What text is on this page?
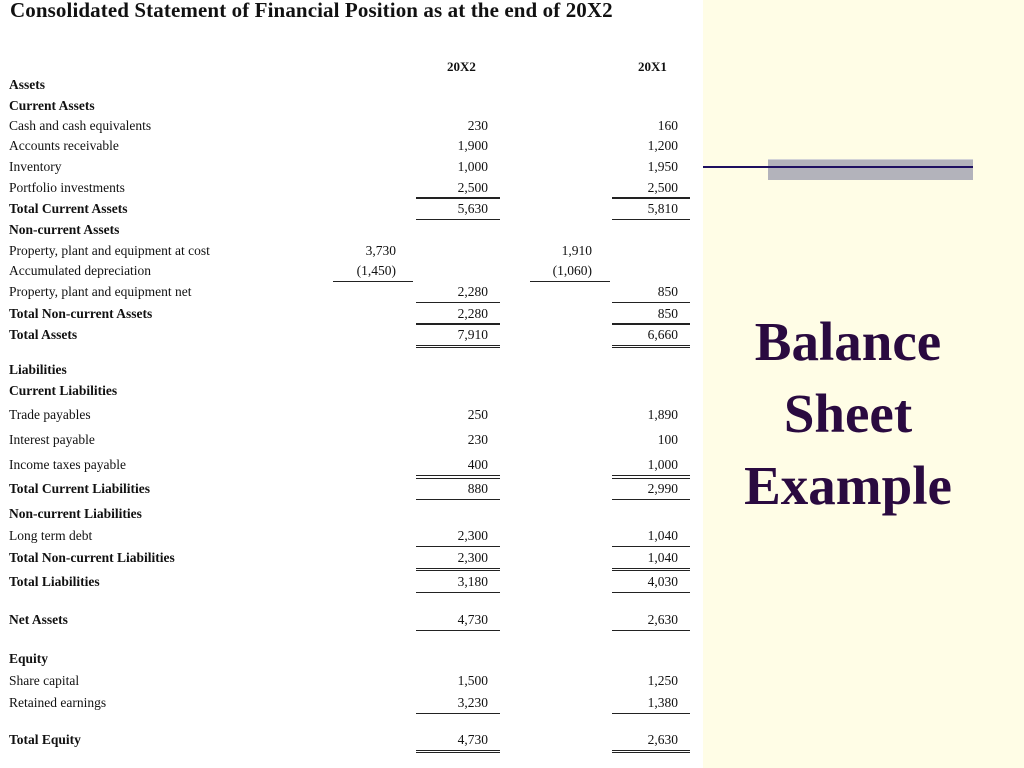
Consolidated Statement of Financial Position as at the end of 20X2
20X2	20X1
Assets
Current Assets
Cash and cash equivalents	230	160
Accounts receivable	1,900	1,200
Inventory	1,000	1,950
Portfolio investments	2,500	2,500
Total Current Assets	5,630	5,810
Non-current Assets
Property, plant and equipment at cost	3,730	1,910
Accumulated depreciation	(1,450)	(1,060)
Property, plant and equipment net	2,280	850
Total Non-current Assets	2,280	850
Total Assets	7,910	6,660
Liabilities
Current Liabilities
Trade payables	250	1,890
Interest payable	230	100
Income taxes payable	400	1,000
Total Current Liabilities	880	2,990
Non-current Liabilities
Long term debt	2,300	1,040
Total Non-current Liabilities	2,300	1,040
Total Liabilities	3,180	4,030
Net Assets	4,730	2,630
Equity
Share capital	1,500	1,250
Retained earnings	3,230	1,380
Total Equity	4,730	2,630
Balance
Sheet
Example
